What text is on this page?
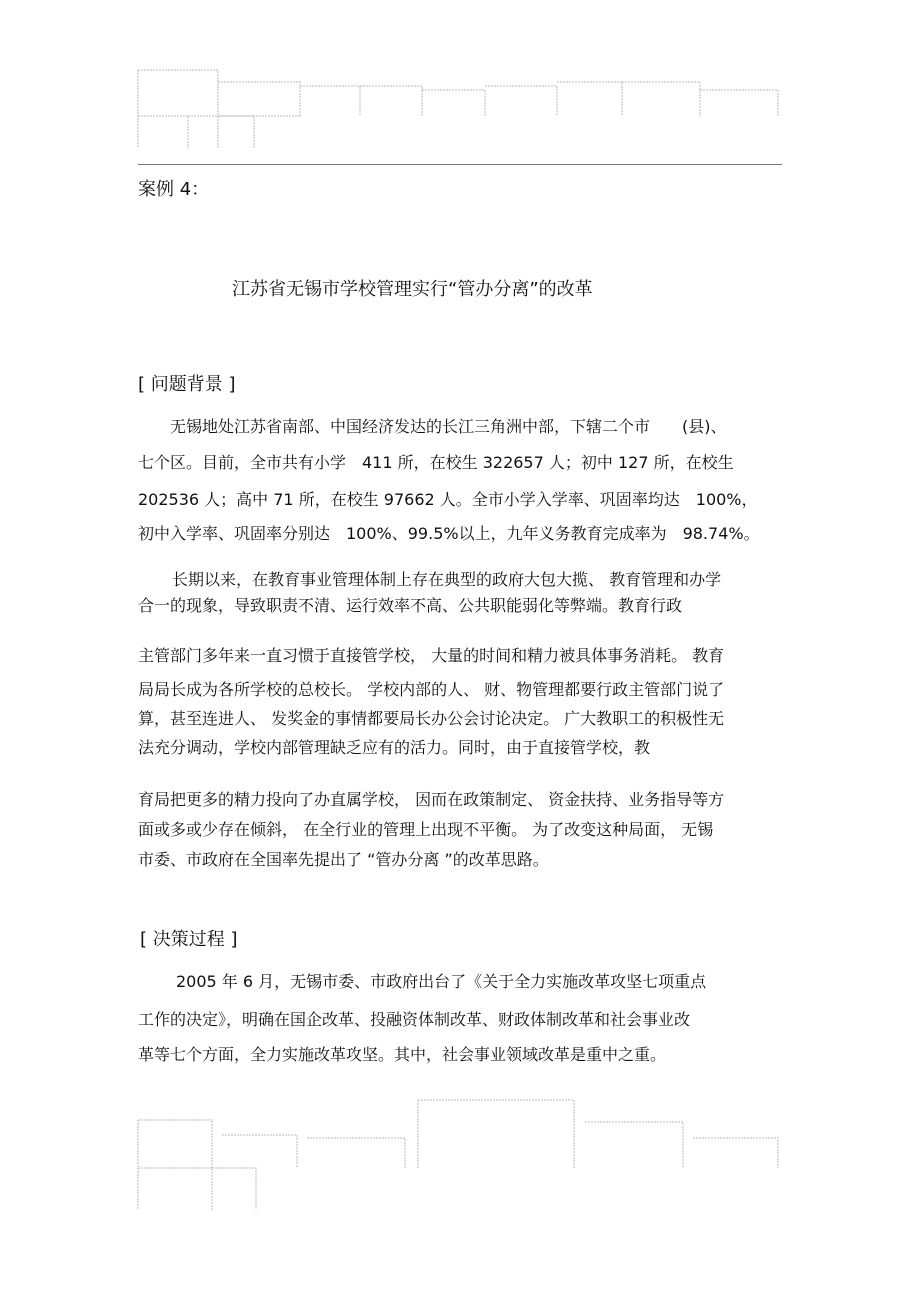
案例 4：
江苏省无锡市学校管理实行“管办分离”的改革
[ 问题背景 ]
无锡地处江苏省南部、中国经济发达的长江三角洲中部，下辖二个市　　(县)、
七个区。目前，全市共有小学　411 所，在校生 322657 人；初中 127 所，在校生
202536 人；高中 71 所，在校生 97662 人。全市小学入学率、巩固率均达　100%，
初中入学率、巩固率分别达　100%、99.5%以上，九年义务教育完成率为　98.74%。
长期以来，在教育事业管理体制上存在典型的政府大包大揽、 教育管理和办学
合一的现象，导致职责不清、运行效率不高、公共职能弱化等弊端。教育行政
主管部门多年来一直习惯于直接管学校， 大量的时间和精力被具体事务消耗。 教育
局局长成为各所学校的总校长。 学校内部的人、 财、物管理都要行政主管部门说了
算，甚至连进人、 发奖金的事情都要局长办公会讨论决定。 广大教职工的积极性无
法充分调动，学校内部管理缺乏应有的活力。同时，由于直接管学校，教
育局把更多的精力投向了办直属学校， 因而在政策制定、 资金扶持、业务指导等方
面或多或少存在倾斜， 在全行业的管理上出现不平衡。 为了改变这种局面， 无锡
市委、市政府在全国率先提出了 “管办分离 ”的改革思路。
[ 决策过程 ]
2005 年 6 月，无锡市委、市政府出台了《关于全力实施改革攻坚七项重点
工作的决定》，明确在国企改革、投融资体制改革、财政体制改革和社会事业改
革等七个方面，全力实施改革攻坚。其中，社会事业领域改革是重中之重。
